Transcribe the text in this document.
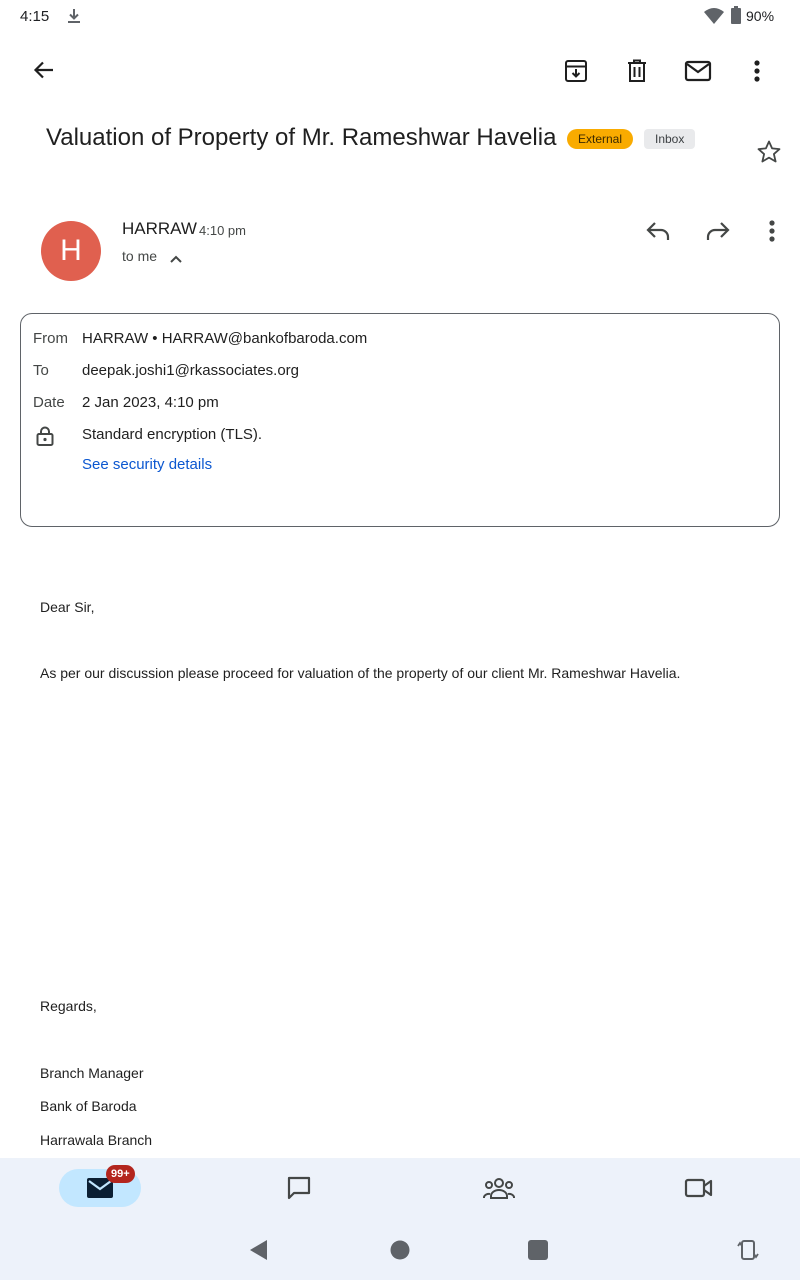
4:15	90%
Valuation of Property of Mr. Rameshwar Havelia	External	Inbox
H
HARRAW 4:10 pm
to me
From HARRAW • HARRAW@bankofbaroda.com
To deepak.joshi1@rkassociates.org
Date 2 Jan 2023, 4:10 pm
Standard encryption (TLS).
See security details
Dear Sir,
As per our discussion please proceed for valuation of the property of our client Mr. Rameshwar Havelia.
Regards,
Branch Manager
Bank of Baroda
Harrawala Branch
99+
